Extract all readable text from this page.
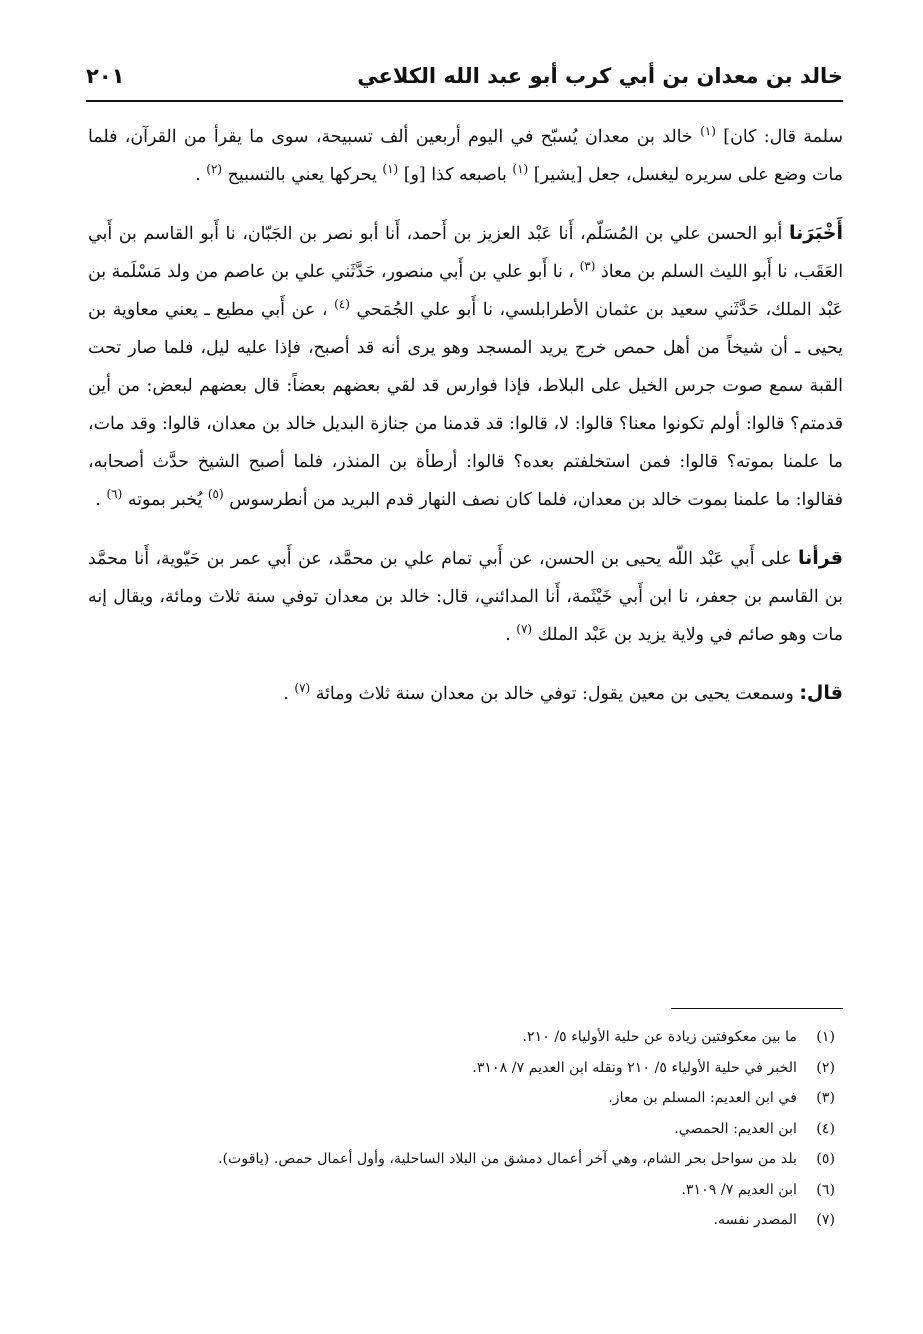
خالد بن معدان بن أبي كرب أبو عبد الله الكلاعي
٢٠١

سلمة قال: كان] $^{(١)}$ خالد بن معدان يُسبّح في اليوم أربعين ألف تسبيحة، سوى ما يقرأ من القرآن، فلما مات وضع على سريره ليغسل، جعل [يشير] $^{(١)}$ باصبعه كذا [و] $^{(١)}$ يحركها يعني بالتسبيح $^{(٢)}$ .

أَخْبَرَنا أبو الحسن علي بن المُسَلّم، أَنا عَبْد العزيز بن أَحمد، أَنا أبو نصر بن الجَبّان، نا أَبو القاسم بن أَبي العَقَب، نا أَبو الليث السلم بن معاذ $^{(٣)}$ ، نا أَبو علي بن أَبي منصور، حَدَّثَني علي بن عاصم من ولد مَسْلَمة بن عَبْد الملك، حَدَّثَني سعيد بن عثمان الأطرابلسي، نا أَبو علي الجُمَحي $^{(٤)}$ ، عن أَبي مطيع ـ يعني معاوية بن يحيى ـ أن شيخاً من أهل حمص خرج يريد المسجد وهو يرى أنه قد أصبح، فإذا عليه ليل، فلما صار تحت القبة سمع صوت جرس الخيل على البلاط، فإذا فوارس قد لقي بعضهم بعضاً: قال بعضهم لبعض: من أين قدمتم؟ قالوا: أولم تكونوا معنا؟ قالوا: لا، قالوا: قد قدمنا من جنازة البديل خالد بن معدان، قالوا: وقد مات، ما علمنا بموته؟ قالوا: فمن استخلفتم بعده؟ قالوا: أرطأة بن المنذر، فلما أصبح الشيخ حدَّث أصحابه، فقالوا: ما علمنا بموت خالد بن معدان، فلما كان نصف النهار قدم البريد من أنطرسوس $^{(٥)}$ يُخبر بموته $^{(٦)}$ .

قرأنا على أَبي عَبْد اللّه يحيى بن الحسن، عن أَبي تمام علي بن محمَّد، عن أَبي عمر بن حَيّوية، أَنا محمَّد بن القاسم بن جعفر، نا ابن أَبي خَيْثَمة، أَنا المدائني، قال: خالد بن معدان توفي سنة ثلاث ومائة، ويقال إنه مات وهو صائم في ولاية يزيد بن عَبْد الملك $^{(٧)}$ .

قال: وسمعت يحيى بن معين يقول: توفي خالد بن معدان سنة ثلاث ومائة $^{(٧)}$ .

(١)
ما بين معكوفتين زيادة عن حلية الأولياء ٥/ ٢١٠.
(٢)
الخبر في حلية الأولياء ٥/ ٢١٠ ونقله ابن العديم ٧/ ٣١٠٨.
(٣)
في ابن العديم: المسلم بن معاز.
(٤)
ابن العديم: الحمصي.
(٥)
بلد من سواحل بحر الشام، وهي آخر أعمال دمشق من البلاد الساحلية، وأول أعمال حمص. (ياقوت).
(٦)
ابن العديم ٧/ ٣١٠٩.
(٧)
المصدر نفسه.
